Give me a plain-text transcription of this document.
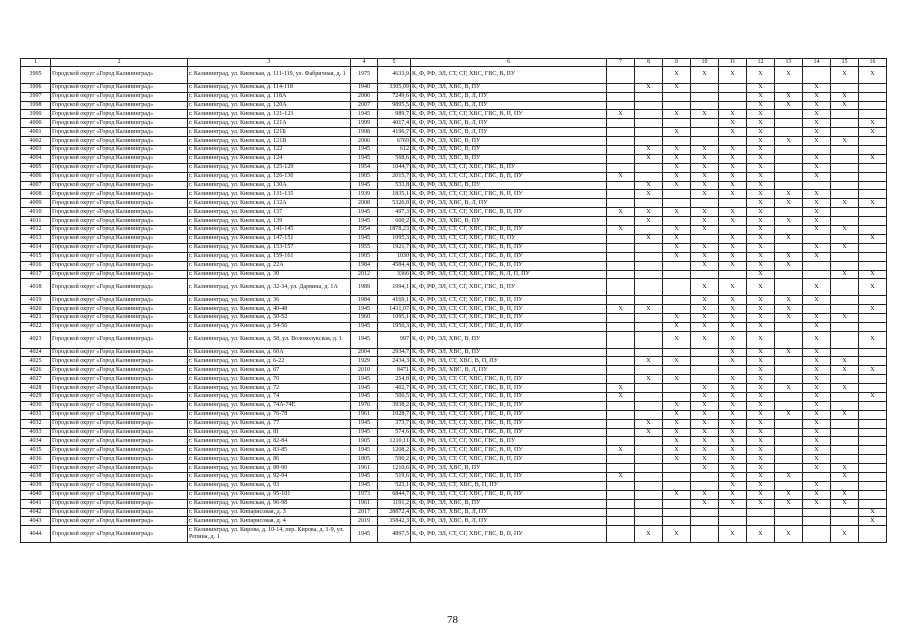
1	2	3	4	5	6	7	8	9	10	11	12	13	14	15	16
3995	Городской округ «Город Калининград»	г. Калининград, ул. Киевская, д. 111-119, ул. Фабричная, д. 1	1975	4633,9	К, Ф, РФ, ЭЛ, СТ, СГ, ХВС, ГВС, В, ПУ			X	X	X	X	X		X	X
3996	Городской округ «Город Калининград»	г. Калининград, ул. Киевская, д. 114-118	1940	3305,09	К, Ф, РФ, ЭЛ, ХВС, В, ПУ		X	X			X		X		
3997	Городской округ «Город Калининград»	г. Калининград, ул. Киевская, д. 118А	2006	7249,6	К, Ф, РФ, ЭЛ, ХВС, В, Л, ПУ						X	X	X	X	
3998	Городской округ «Город Калининград»	г. Калининград, ул. Киевская, д. 120А	2007	9895,5	К, Ф, РФ, ЭЛ, ХВС, В, Л, ПУ						X	X	X	X	
3999	Городской округ «Город Калининград»	г. Калининград, ул. Киевская, д. 121-123	1945	989,7	К, Ф, РФ, ЭЛ, СТ, СГ, ХВС, ГВС, В, П, ПУ	X		X	X	X	X		X		
4000	Городской округ «Город Калининград»	г. Калининград, ул. Киевская, д. 121А	1999	4017,4	К, Ф, РФ, ЭЛ, ХВС, В, Л, ПУ					X	X		X		X
4001	Городской округ «Город Калининград»	г. Калининград, ул. Киевская, д. 121Б	1998	4196,7	К, Ф, РФ, ЭЛ, ХВС, В, Л, ПУ			X		X	X		X		X
4002	Городской округ «Город Калининград»	г. Калининград, ул. Киевская, д. 121В	2006	6769	К, Ф, РФ, ЭЛ, ХВС, В, ПУ						X	X	X	X	
4003	Городской округ «Город Калининград»	г. Калининград, ул. Киевская, д. 122	1945	612	К, Ф, РФ, ЭЛ, ХВС, В, ПУ		X	X	X	X	X				
4004	Городской округ «Город Калининград»	г. Калининград, ул. Киевская, д. 124	1945	568,6	К, Ф, РФ, ЭЛ, ХВС, В, ПУ		X	X	X	X	X		X		X
4005	Городской округ «Город Калининград»	г. Калининград, ул. Киевская, д. 125-129	1954	1044,7	К, Ф, РФ, ЭЛ, СТ, СГ, ХВС, ГВС, В, ПУ			X	X	X	X		X		
4006	Городской округ «Город Калининград»	г. Калининград, ул. Киевская, д. 126-130	1905	2015,7	К, Ф, РФ, ЭЛ, СТ, СГ, ХВС, ГВС, В, П, ПУ	X		X	X	X	X		X		
4007	Городской округ «Город Калининград»	г. Калининград, ул. Киевская, д. 130А	1945	533,8	К, Ф, РФ, ЭЛ, ХВС, В, ПУ		X	X	X	X	X				
4008	Городской округ «Город Калининград»	г. Калининград, ул. Киевская, д. 131-135	1939	1835,1	К, Ф, РФ, ЭЛ, СТ, СГ, ХВС, ГВС, В, П, ПУ		X		X	X	X	X	X		
4009	Городской округ «Город Калининград»	г. Калининград, ул. Киевская, д. 132А	2008	5326,8	К, Ф, РФ, ЭЛ, ХВС, В, Л, ПУ						X	X	X	X	X
4010	Городской округ «Город Калининград»	г. Калининград, ул. Киевская, д. 137	1945	497,3	К, Ф, РФ, ЭЛ, СТ, СГ, ХВС, ГВС, В, П, ПУ	X	X	X	X	X	X		X		
4011	Городской округ «Город Калининград»	г. Калининград, ул. Киевская, д. 139	1945	600,2	К, Ф, РФ, ЭЛ, ХВС, В, ПУ		X		X	X	X	X	X		
4012	Городской округ «Город Калининград»	г. Калининград, ул. Киевская, д. 141-145	1954	1878,23	К, Ф, РФ, ЭЛ, СТ, СГ, ХВС, ГВС, В, П, ПУ	X		X	X		X		X	X	
4013	Городской округ «Город Калининград»	г. Калининград, ул. Киевская, д. 147-151	1945	1095,3	К, Ф, РФ, ЭЛ, СТ, СГ, ХВС, ГВС, П, ПУ		X	X		X	X	X			X
4014	Городской округ «Город Калининград»	г. Калининград, ул. Киевская, д. 153-157	1955	1921,7	К, Ф, РФ, ЭЛ, СТ, СГ, ХВС, ГВС, В, П, ПУ			X	X	X	X		X	X	
4015	Городской округ «Город Калининград»	г. Калининград, ул. Киевская, д. 159-161	1905	1030	К, Ф, РФ, ЭЛ, СТ, СГ, ХВС, ГВС, В, П, ПУ			X	X	X	X	X	X		
4016	Городской округ «Город Калининград»	г. Калининград, ул. Киевская, д. 22А	1984	4584,4	К, Ф, РФ, ЭЛ, СТ, СГ, ХВС, ГВС, В, П, ПУ				X	X	X	X			
4017	Городской округ «Город Калининград»	г. Калининград, ул. Киевская, д. 30	2012	3366	К, Ф, РФ, ЭЛ, СТ, СГ, ХВС, ГВС, В, Л, П, ПУ						X			X	X
4018	Городской округ «Город Калининград»	г. Калининград, ул. Киевская, д. 32-34, ул. Дарвина, д. 1А	1989	1994,1	К, Ф, РФ, ЭЛ, СТ, СГ, ХВС, ГВС, В, ПУ				X	X	X		X		X
4019	Городской округ «Город Калининград»	г. Калининград, ул. Киевская, д. 36	1984	4169,1	К, Ф, РФ, ЭЛ, СТ, СГ, ХВС, ГВС, В, П, ПУ				X	X	X	X	X		
4020	Городской округ «Город Калининград»	г. Калининград, ул. Киевская, д. 40-48	1945	1431,07	К, Ф, РФ, ЭЛ, СТ, СГ, ХВС, ГВС, В, П, ПУ	X	X		X	X	X	X			X
4021	Городской округ «Город Калининград»	г. Калининград, ул. Киевская, д. 50-52	1960	1095,1	К, Ф, РФ, ЭЛ, СТ, СГ, ХВС, ГВС, В, П, ПУ			X	X	X	X	X	X	X	
4022	Городской округ «Город Калининград»	г. Калининград, ул. Киевская, д. 54-56	1945	1950,3	К, Ф, РФ, ЭЛ, СТ, СГ, ХВС, ГВС, В, П, ПУ			X	X	X	X		X		
4023	Городской округ «Город Калининград»	г. Калининград, ул. Киевская, д. 58, ул. Волоколукская, д. 1	1945	997	К, Ф, РФ, ЭЛ, ХВС, В, ПУ			X	X	X	X		X		X
4024	Городской округ «Город Калининград»	г. Калининград, ул. Киевская, д. 60А	2004	2934,7	К, Ф, РФ, ЭЛ, ХВС, В, ПУ					X	X	X	X		
4025	Городской округ «Город Калининград»	г. Калининград, ул. Киевская, д. 6-22	1929	2434,3	К, Ф, РФ, ЭЛ, СТ, ХВС, В, П, ПУ		X	X		X	X		X	X	
4026	Городской округ «Город Калининград»	г. Калининград, ул. Киевская, д. 67	2010	8471	К, Ф, РФ, ЭЛ, ХВС, В, Л, ПУ						X		X	X	X
4027	Городской округ «Город Калининград»	г. Калининград, ул. Киевская, д. 70	1945	254,8	К, Ф, РФ, ЭЛ, СТ, СГ, ХВС, ГВС, В, П, ПУ		X	X		X	X		X		
4028	Городской округ «Город Калининград»	г. Калининград, ул. Киевская, д. 72	1945	402,7	К, Ф, РФ, ЭЛ, СТ, СГ, ХВС, ГВС, В, П, ПУ	X			X	X	X	X	X	X	
4029	Городской округ «Город Калининград»	г. Калининград, ул. Киевская, д. 74	1945	506,5	К, Ф, РФ, ЭЛ, СТ, СГ, ХВС, ГВС, В, П, ПУ	X			X	X	X		X		X
4030	Городской округ «Город Калининград»	г. Калининград, ул. Киевская, д. 74А-74Е	1976	3938,2	К, Ф, РФ, ЭЛ, СТ, СГ, ХВС, ГВС, В, П, ПУ			X	X	X	X		X		
4031	Городской округ «Город Калининград»	г. Калининград, ул. Киевская, д. 76-78	1961	1028,7	К, Ф, РФ, ЭЛ, СТ, СГ, ХВС, ГВС, В, П, ПУ			X	X	X	X	X	X	X	
4032	Городской округ «Город Калининград»	г. Калининград, ул. Киевская, д. 77	1945	373,7	К, Ф, РФ, ЭЛ, СТ, СГ, ХВС, ГВС, В, П, ПУ		X	X	X	X	X		X		
4033	Городской округ «Город Калининград»	г. Калининград, ул. Киевская, д. 81	1945	574,6	К, Ф, РФ, ЭЛ, СТ, СГ, ХВС, ГВС, В, П, ПУ		X	X	X	X	X		X		
4034	Городской округ «Город Калининград»	г. Калининград, ул. Киевская, д. 82-84	1905	1210,11	К, Ф, РФ, ЭЛ, СТ, СГ, ХВС, ГВС, В, ПУ			X	X	X	X		X		
4035	Городской округ «Город Калининград»	г. Калининград, ул. Киевская, д. 83-85	1945	1208,2	К, Ф, РФ, ЭЛ, СТ, СГ, ХВС, ГВС, В, П, ПУ	X		X	X	X	X		X		
4036	Городской округ «Город Калининград»	г. Калининград, ул. Киевская, д. 86	1905	590,2	К, Ф, РФ, ЭЛ, СТ, СГ, ХВС, ГВС, В, П, ПУ			X	X	X	X		X		
4037	Городской округ «Город Калининград»	г. Калининград, ул. Киевская, д. 88-90	1961	1210,6	К, Ф, РФ, ЭЛ, ХВС, В, ПУ				X	X	X		X	X	
4038	Городской округ «Город Калининград»	г. Калининград, ул. Киевская, д. 92-94	1945	519,6	К, Ф, РФ, ЭЛ, СТ, СГ, ХВС, ГВС, В, П, ПУ	X				X	X	X		X	
4039	Городской округ «Город Калининград»	г. Калининград, ул. Киевская, д. 93	1945	523,1	К, Ф, РФ, ЭЛ, СТ, ХВС, В, П, ПУ					X	X		X		
4040	Городской округ «Город Калининград»	г. Калининград, ул. Киевская, д. 95-101	1973	6844,7	К, Ф, РФ, ЭЛ, СТ, СГ, ХВС, ГВС, В, П, ПУ			X	X	X	X	X	X	X	
4041	Городской округ «Город Калининград»	г. Калининград, ул. Киевская, д. 96-98	1961	1191,2	К, Ф, РФ, ЭЛ, ХВС, В, ПУ				X	X	X	X	X	X	
4042	Городской округ «Город Калининград»	г. Калининград, ул. Кипарисовая, д. 3	2017	28872,4	К, Ф, РФ, ЭЛ, ХВС, В, Л, ПУ										X
4043	Городской округ «Город Калининград»	г. Калининград, ул. Кипарисовая, д. 4	2019	35842,3	К, Ф, РФ, ЭЛ, ХВС, В, Л, ПУ										X
4044	Городской округ «Город Калининград»	г. Калининград, ул. Кирова, д. 10-14, пер. Кирова, д. 1-9, ул. Репина, д. 1	1945	4897,5	К, Ф, РФ, ЭЛ, СТ, СГ, ХВС, ГВС, В, П, ПУ		X	X		X	X	X		X	
78
